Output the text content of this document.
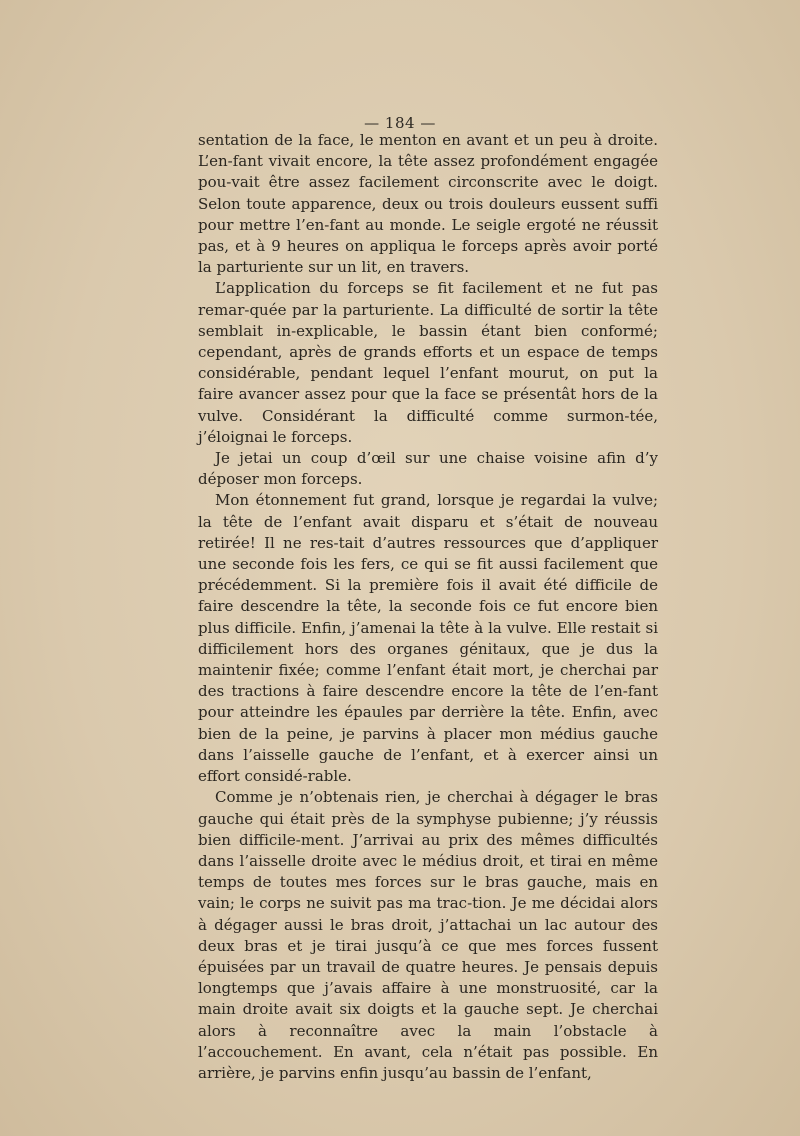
— 184 —

sentation de la face, le menton en avant et un peu à droite. L’en-fant vivait encore, la tête assez profondément engagée pou-vait être assez facilement circonscrite avec le doigt. Selon toute apparence, deux ou trois douleurs eussent suffi pour mettre l’en-fant au monde. Le seigle ergoté ne réussit pas, et à 9 heures on appliqua le forceps après avoir porté la parturiente sur un lit, en travers.

L’application du forceps se fit facilement et ne fut pas remar-quée par la parturiente. La difficulté de sortir la tête semblait in-explicable, le bassin étant bien conformé; cependant, après de grands efforts et un espace de temps considérable, pendant lequel l’enfant mourut, on put la faire avancer assez pour que la face se présentât hors de la vulve. Considérant la difficulté comme surmon-tée, j’éloignai le forceps.

Je jetai un coup d’œil sur une chaise voisine afin d’y déposer mon forceps.

Mon étonnement fut grand, lorsque je regardai la vulve; la tête de l’enfant avait disparu et s’était de nouveau retirée! Il ne res-tait d’autres ressources que d’appliquer une seconde fois les fers, ce qui se fit aussi facilement que précédemment. Si la première fois il avait été difficile de faire descendre la tête, la seconde fois ce fut encore bien plus difficile. Enfin, j’amenai la tête à la vulve. Elle restait si difficilement hors des organes génitaux, que je dus la maintenir fixée; comme l’enfant était mort, je cherchai par des tractions à faire descendre encore la tête de l’en-fant pour atteindre les épaules par derrière la tête. Enfin, avec bien de la peine, je parvins à placer mon médius gauche dans l’aisselle gauche de l’enfant, et à exercer ainsi un effort considé-rable.

Comme je n’obtenais rien, je cherchai à dégager le bras gauche qui était près de la symphyse pubienne; j’y réussis bien difficile-ment. J’arrivai au prix des mêmes difficultés dans l’aisselle droite avec le médius droit, et tirai en même temps de toutes mes forces sur le bras gauche, mais en vain; le corps ne suivit pas ma trac-tion. Je me décidai alors à dégager aussi le bras droit, j’attachai un lac autour des deux bras et je tirai jusqu’à ce que mes forces fussent épuisées par un travail de quatre heures. Je pensais depuis longtemps que j’avais affaire à une monstruosité, car la main droite avait six doigts et la gauche sept. Je cherchai alors à reconnaître avec la main l’obstacle à l’accouchement. En avant, cela n’était pas possible. En arrière, je parvins enfin jusqu’au bassin de l’enfant,
